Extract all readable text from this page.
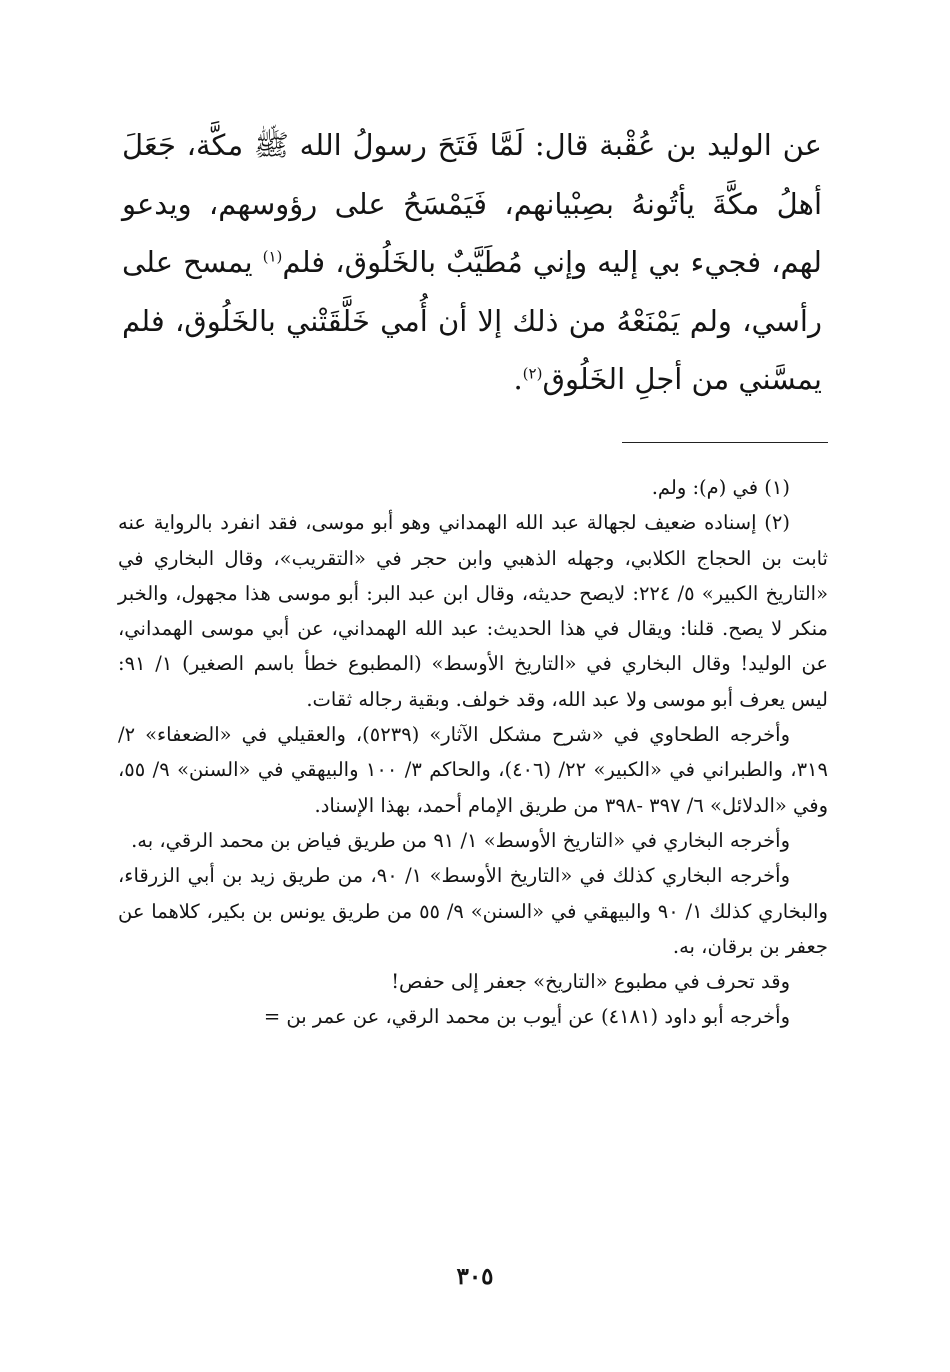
عن الوليد بن عُقْبة قال: لَمَّا فَتَحَ رسولُ الله ﷺ مكَّة، جَعَلَ أهلُ مكَّةَ يأتُونهُ بصِبْيانهم، فَيَمْسَحُ على رؤوسهم، ويدعو لهم، فجيء بي إليه وإني مُطَيَّبٌ بالخَلُوق، فلم$^{(١)}$ يمسح على رأسي، ولم يَمْنَعْهُ من ذلك إلا أن أُمي خَلَّقَتْني بالخَلُوق، فلم يمسَّني من أجلِ الخَلُوق$^{(٢)}$.

(١) في (م): ولم.

(٢) إسناده ضعيف لجهالة عبد الله الهمداني وهو أبو موسى، فقد انفرد بالرواية عنه ثابت بن الحجاج الكلابي، وجهله الذهبي وابن حجر في «التقريب»، وقال البخاري في «التاريخ الكبير» ٥/ ٢٢٤: لايصح حديثه، وقال ابن عبد البر: أبو موسى هذا مجهول، والخبر منكر لا يصح. قلنا: ويقال في هذا الحديث: عبد الله الهمداني، عن أبي موسى الهمداني، عن الوليد! وقال البخاري في «التاريخ الأوسط» (المطبوع خطأ باسم الصغير) ١/ ٩١: ليس يعرف أبو موسى ولا عبد الله، وقد خولف. وبقية رجاله ثقات.

وأخرجه الطحاوي في «شرح مشكل الآثار» (٥٢٣٩)، والعقيلي في «الضعفاء» ٢/ ٣١٩، والطبراني في «الكبير» ٢٢/ (٤٠٦)، والحاكم ٣/ ١٠٠ والبيهقي في «السنن» ٩/ ٥٥، وفي «الدلائل» ٦/ ٣٩٧ -٣٩٨ من طريق الإمام أحمد، بهذا الإسناد.

وأخرجه البخاري في «التاريخ الأوسط» ١/ ٩١ من طريق فياض بن محمد الرقي، به.

وأخرجه البخاري كذلك في «التاريخ الأوسط» ١/ ٩٠، من طريق زيد بن أبي الزرقاء، والبخاري كذلك ١/ ٩٠ والبيهقي في «السنن» ٩/ ٥٥ من طريق يونس بن بكير، كلاهما عن جعفر بن برقان، به.

وقد تحرف في مطبوع «التاريخ» جعفر إلى حفص!

وأخرجه أبو داود (٤١٨١) عن أيوب بن محمد الرقي، عن عمر بن =

٣٠٥
